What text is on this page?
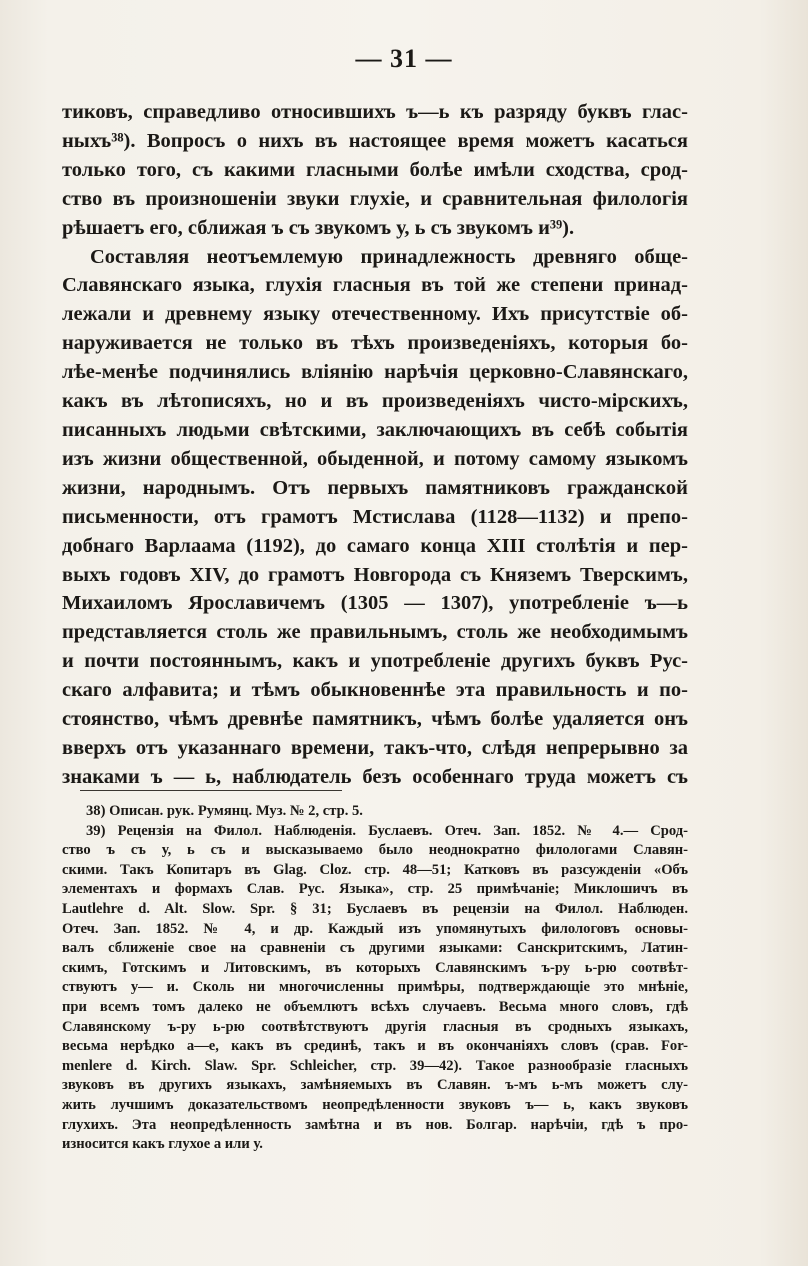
— 31 —
тиковъ, справедливо относившихъ ъ—ь къ разряду буквъ глас-
ныхъ³⁸). Вопросъ о нихъ въ настоящее время можетъ касаться
только того, съ какими гласными болѣе имѣли сходства, срод-
ство въ произношеніи звуки глухіе, и сравнительная филологія
рѣшаетъ его, сближая ъ съ звукомъ у, ь съ звукомъ и³⁹).
Составляя неотъемлемую принадлежность древняго обще-
Славянскаго языка, глухія гласныя въ той же степени принад-
лежали и древнему языку отечественному. Ихъ присутствіе об-
наруживается не только въ тѣхъ произведеніяхъ, которыя бо-
лѣе-менѣе подчинялись вліянію нарѣчія церковно-Славянскаго,
какъ въ лѣтописяхъ, но и въ произведеніяхъ чисто-мірскихъ,
писанныхъ людьми свѣтскими, заключающихъ въ себѣ событія
изъ жизни общественной, обыденной, и потому самому языкомъ
жизни, народнымъ. Отъ первыхъ памятниковъ гражданской
письменности, отъ грамотъ Мстислава (1128—1132) и препо-
добнаго Варлаама (1192), до самаго конца XIII столѣтія и пер-
выхъ годовъ XIV, до грамотъ Новгорода съ Княземъ Тверскимъ,
Михаиломъ Ярославичемъ (1305 — 1307), употребленіе ъ—ь
представляется столь же правильнымъ, столь же необходимымъ
и почти постояннымъ, какъ и употребленіе другихъ буквъ Рус-
скаго алфавита; и тѣмъ обыкновеннѣе эта правильность и по-
стоянство, чѣмъ древнѣе памятникъ, чѣмъ болѣе удаляется онъ
вверхъ отъ указаннаго времени, такъ-что, слѣдя непрерывно за
знаками ъ — ь, наблюдатель безъ особеннаго труда можетъ съ
38) Описан. рук. Румянц. Муз. № 2, стр. 5.
39) Рецензія на Филол. Наблюденія. Буслаевъ. Отеч. Зап. 1852. № 4.— Срод-
ство ъ съ у, ь съ и высказываемо было неоднократно филологами Славян-
скими. Такъ Копитаръ въ Glag. Cloz. стр. 48—51; Катковъ въ разсужденіи «Объ
элементахъ и формахъ Слав. Рус. Языка», стр. 25 примѣчаніе; Миклошичъ въ
Lautlehre d. Alt. Slow. Spr. § 31; Буслаевъ въ рецензіи на Филол. Наблюден.
Отеч. Зап. 1852. № 4, и др. Каждый изъ упомянутыхъ филологовъ основы-
валъ сближеніе свое на сравненіи съ другими языками: Санскритскимъ, Латин-
скимъ, Готскимъ и Литовскимъ, въ которыхъ Славянскимъ ъ-ру ь-рю соотвѣт-
ствуютъ у— и. Сколь ни многочисленны примѣры, подтверждающіе это мнѣніе,
при всемъ томъ далеко не объемлютъ всѣхъ случаевъ. Весьма много словъ, гдѣ
Славянскому ъ-ру ь-рю соотвѣтствуютъ другія гласныя въ сродныхъ языкахъ,
весьма нерѣдко а—е, какъ въ срединѣ, такъ и въ окончаніяхъ словъ (срав. For-
menlere d. Kirch. Slaw. Spr. Schleicher, стр. 39—42). Такое разнообразіе гласныхъ
звуковъ въ другихъ языкахъ, замѣняемыхъ въ Славян. ъ-мъ ь-мъ можетъ слу-
жить лучшимъ доказательствомъ неопредѣленности звуковъ ъ— ь, какъ звуковъ
глухихъ. Эта неопредѣленность замѣтна и въ нов. Болгар. нарѣчіи, гдѣ ъ про-
износится какъ глухое а или у.
